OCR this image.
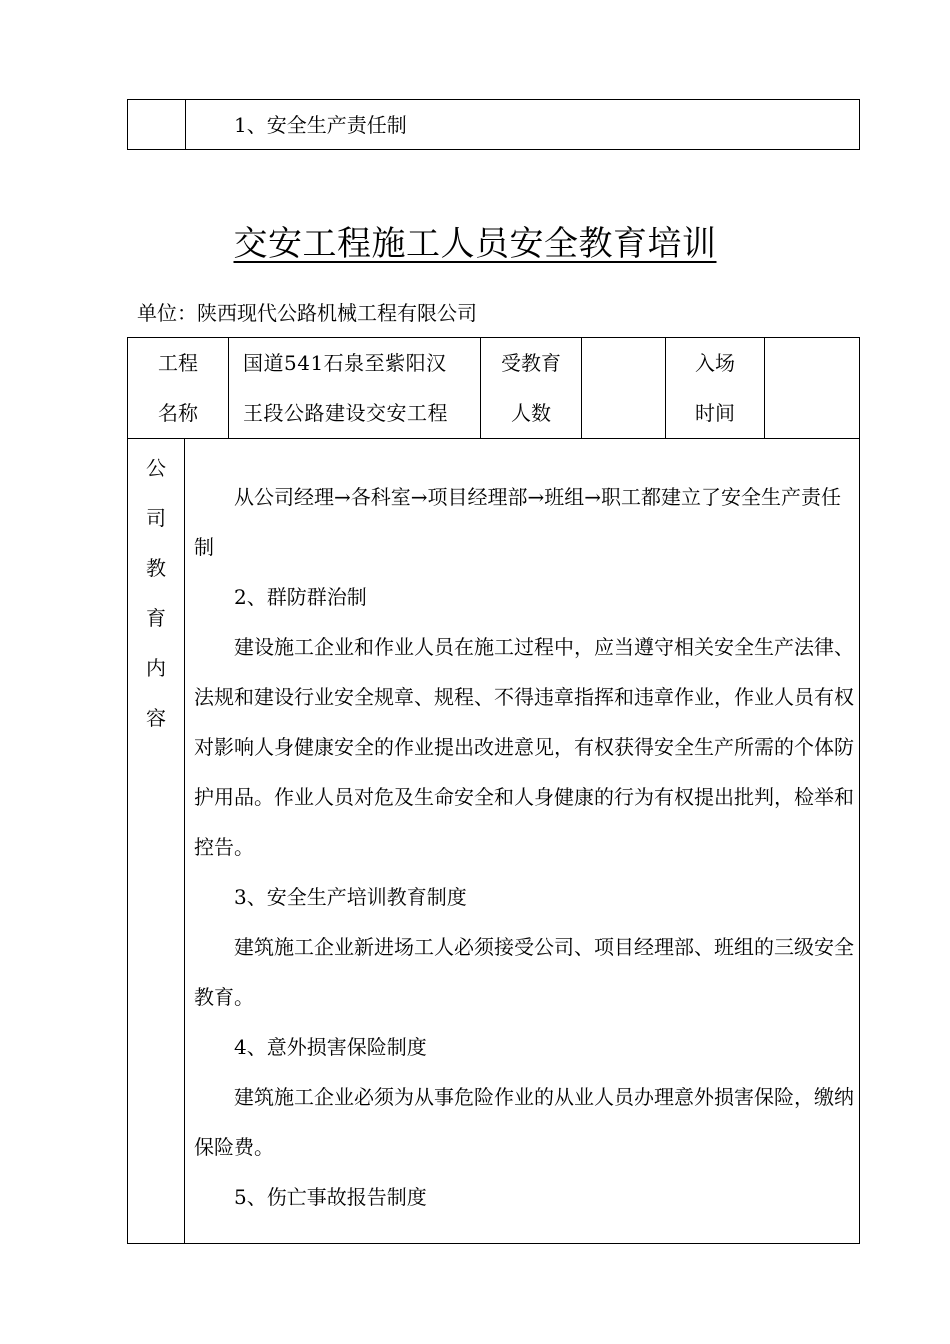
1、安全生产责任制
交安工程施工人员安全教育培训
单位：陕西现代公路机械工程有限公司
工程
名称
国道541石泉至紫阳汉
王段公路建设交安工程
受教育
人数
入场
时间
公
司
教
育
内
容

从公司经理→各科室→项目经理部→班组→职工都建立了安全生产责任制

2、群防群治制

建设施工企业和作业人员在施工过程中，应当遵守相关安全生产法律、法规和建设行业安全规章、规程、不得违章指挥和违章作业，作业人员有权对影响人身健康安全的作业提出改进意见，有权获得安全生产所需的个体防护用品。作业人员对危及生命安全和人身健康的行为有权提出批判，检举和控告。

3、安全生产培训教育制度

建筑施工企业新进场工人必须接受公司、项目经理部、班组的三级安全教育。

4、意外损害保险制度

建筑施工企业必须为从事危险作业的从业人员办理意外损害保险，缴纳保险费。

5、伤亡事故报告制度
